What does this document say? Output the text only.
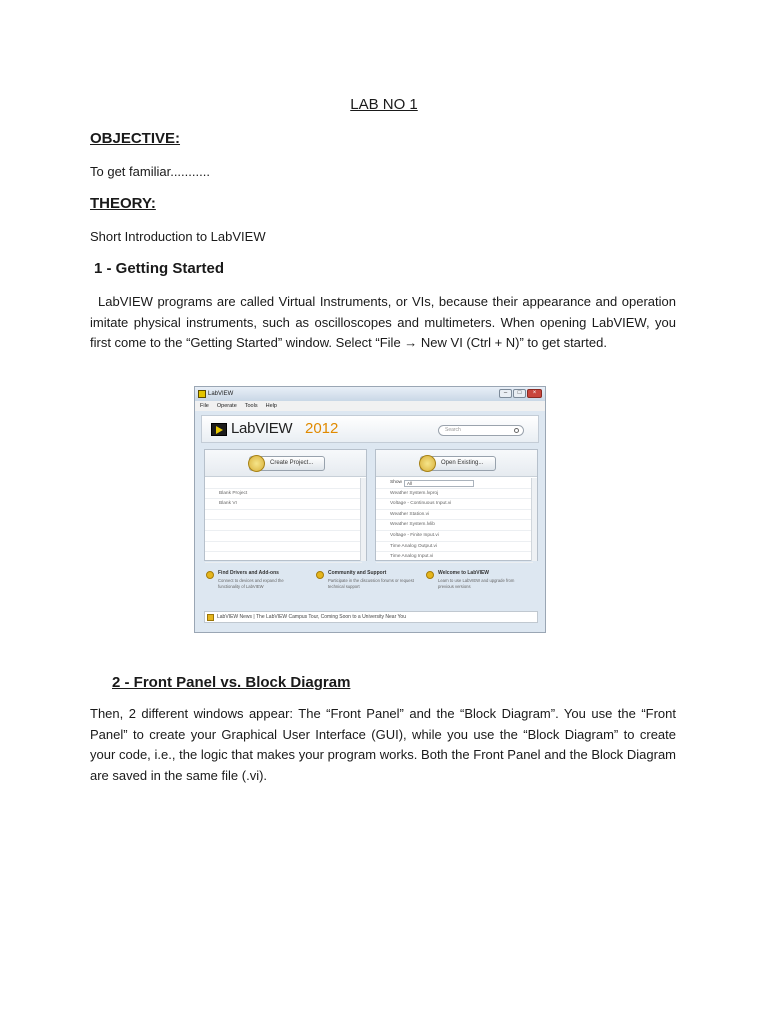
LAB NO 1
OBJECTIVE:
To get familiar...........
THEORY:
Short Introduction to LabVIEW
1 - Getting Started
LabVIEW programs are called Virtual Instruments, or VIs, because their appearance and operation imitate physical instruments, such as oscilloscopes and multimeters. When opening LabVIEW, you first come to the “Getting Started” window. Select “File → New VI (Ctrl + N)” to get started.
LabVIEW	–	□	×
File Operate Tools Help
LabVIEW 2012	Search
Create Project...
Blank Project
Blank VI
Open Existing...
Show	All
Weather System.lvproj
Voltage - Continuous Input.vi
Weather Station.vi
Weather System.lvlib
Voltage - Finite Input.vi
Time Analog Output.vi
Time Analog Input.vi
Find Drivers and Add-ons
Connect to devices and expand the functionality of LabVIEW
Community and Support
Participate in the discussion forums or request technical support
Welcome to LabVIEW
Learn to use LabVIEW and upgrade from previous versions
LabVIEW News | The LabVIEW Campus Tour, Coming Soon to a University Near You
2 - Front Panel vs. Block Diagram
Then, 2 different windows appear: The “Front Panel” and the “Block Diagram”. You use the “Front Panel” to create your Graphical User Interface (GUI), while you use the “Block Diagram” to create your code, i.e., the logic that makes your program works. Both the Front Panel and the Block Diagram are saved in the same file (.vi).
